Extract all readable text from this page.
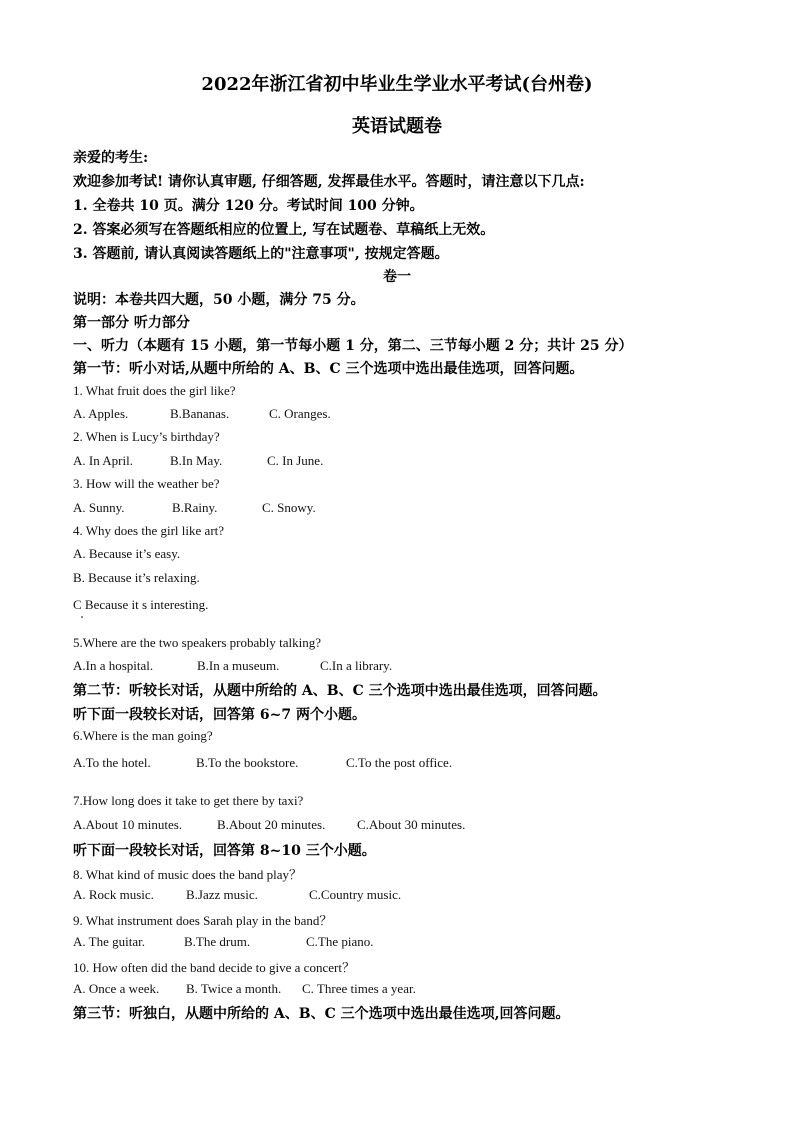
2022年浙江省初中毕业生学业水平考试(台州卷)
英语试题卷
亲爱的考生:
欢迎参加考试! 请你认真审题, 仔细答题, 发挥最佳水平。答题时，请注意以下几点:
1. 全卷共 10 页。满分 120 分。考试时间 100 分钟。
2. 答案必须写在答题纸相应的位置上, 写在试题卷、草稿纸上无效。
3. 答题前, 请认真阅读答题纸上的"注意事项", 按规定答题。
卷一
说明：本卷共四大题，50 小题，满分 75 分。
第一部分 听力部分
一、听力（本题有 15 小题，第一节每小题 1 分，第二、三节每小题 2 分；共计 25 分）
第一节：听小对话,从题中所给的 A、B、C 三个选项中选出最佳选项，回答问题。
1. What fruit does the girl like?
A. Apples.	B.Bananas.	C. Oranges.
2. When is Lucy’s birthday?
A. In April.	B.In May.	C. In June.
3. How will the weather be?
A. Sunny.	B.Rainy.	C. Snowy.
4. Why does the girl like art?
A. Because it’s easy.
B. Because it’s relaxing.
C Because it s interesting.
5.Where are the two speakers probably talking?
A.In a hospital.	B.In a museum.	C.In a library.
第二节：听较长对话，从题中所给的 A、B、C 三个选项中选出最佳选项，回答问题。
听下面一段较长对话，回答第 6~7 两个小题。
6.Where is the man going?
A.To the hotel.	B.To the bookstore.	C.To the post office.
7.How long does it take to get there by taxi?
A.About 10 minutes.	B.About 20 minutes. C.About 30 minutes.
听下面一段较长对话，回答第 8~10 三个小题。
8. What kind of music does the band play？
A. Rock music. B.Jazz music.	C.Country music.
9. What instrument does Sarah play in the band？
A. The guitar.	B.The drum.	C.The piano.
10. How often did the band decide to give a concert？
A. Once a week. B. Twice a month. C. Three times a year.
第三节：听独白，从题中所给的 A、B、C 三个选项中选出最佳选项,回答问题。
